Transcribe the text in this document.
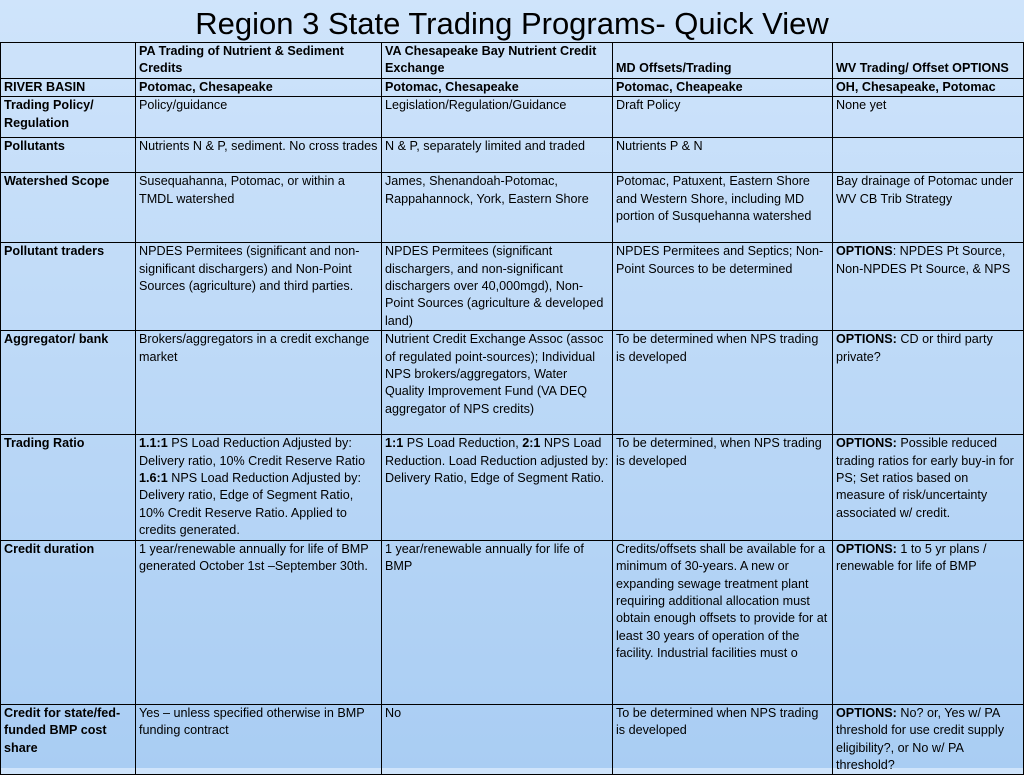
Region 3 State Trading Programs- Quick View
	PA Trading of Nutrient & Sediment Credits	VA Chesapeake Bay Nutrient Credit Exchange	MD Offsets/Trading	WV Trading/ Offset OPTIONS
RIVER BASIN	Potomac, Chesapeake	Potomac, Chesapeake	Potomac, Cheapeake	OH, Chesapeake, Potomac
Trading Policy/ Regulation	Policy/guidance	Legislation/Regulation/Guidance	Draft Policy	None yet
Pollutants	Nutrients N & P, sediment. No cross trades	N & P, separately limited and traded	Nutrients P & N	
Watershed Scope	Susequahanna, Potomac, or within a TMDL watershed	James, Shenandoah-Potomac, Rappahannock, York, Eastern Shore	Potomac, Patuxent, Eastern Shore and Western Shore, including MD portion of Susquehanna watershed	Bay drainage of Potomac under WV CB Trib Strategy
Pollutant traders	NPDES Permitees (significant and non-significant dischargers) and Non-Point Sources (agriculture) and third parties.	NPDES Permitees (significant dischargers, and non-significant dischargers over 40,000mgd), Non-Point Sources (agriculture & developed land)	NPDES Permitees and Septics; Non-Point Sources to be determined	OPTIONS: NPDES Pt Source, Non-NPDES Pt Source, & NPS
Aggregator/ bank	Brokers/aggregators in a credit exchange market	Nutrient Credit Exchange Assoc (assoc of regulated point-sources); Individual NPS brokers/aggregators, Water Quality Improvement Fund (VA DEQ aggregator of NPS credits)	To be determined when NPS trading is developed	OPTIONS: CD or third party private?
Trading Ratio	1.1:1 PS Load Reduction Adjusted by: Delivery ratio, 10% Credit Reserve Ratio 1.6:1 NPS Load Reduction Adjusted by: Delivery ratio, Edge of Segment Ratio, 10% Credit Reserve Ratio. Applied to credits generated.	1:1 PS Load Reduction, 2:1 NPS Load Reduction. Load Reduction adjusted by: Delivery Ratio, Edge of Segment Ratio.	To be determined, when NPS trading is developed	OPTIONS: Possible reduced trading ratios for early buy-in for PS; Set ratios based on measure of risk/uncertainty associated w/ credit.
Credit duration	1 year/renewable annually for life of BMP generated October 1st –September 30th.	1 year/renewable annually for life of BMP	Credits/offsets shall be available for a minimum of 30-years. A new or expanding sewage treatment plant requiring additional allocation must obtain enough offsets to provide for at least 30 years of operation of the facility. Industrial facilities must o	OPTIONS: 1 to 5 yr plans / renewable for life of BMP
Credit for state/fed-funded BMP cost share	Yes – unless specified otherwise in BMP funding contract	No	To be determined when NPS trading is developed	OPTIONS: No? or, Yes w/ PA threshold for use credit supply eligibility?, or No w/ PA threshold?
